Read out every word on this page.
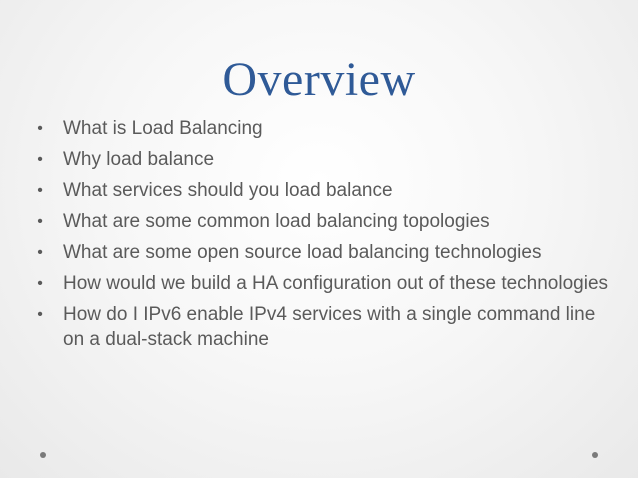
Overview
• What is Load Balancing
• Why load balance
• What services should you load balance
• What are some common load balancing topologies
• What are some open source load balancing technologies
• How would we build a HA configuration out of these technologies
• How do I IPv6 enable IPv4 services with a single command line on a dual-stack machine
